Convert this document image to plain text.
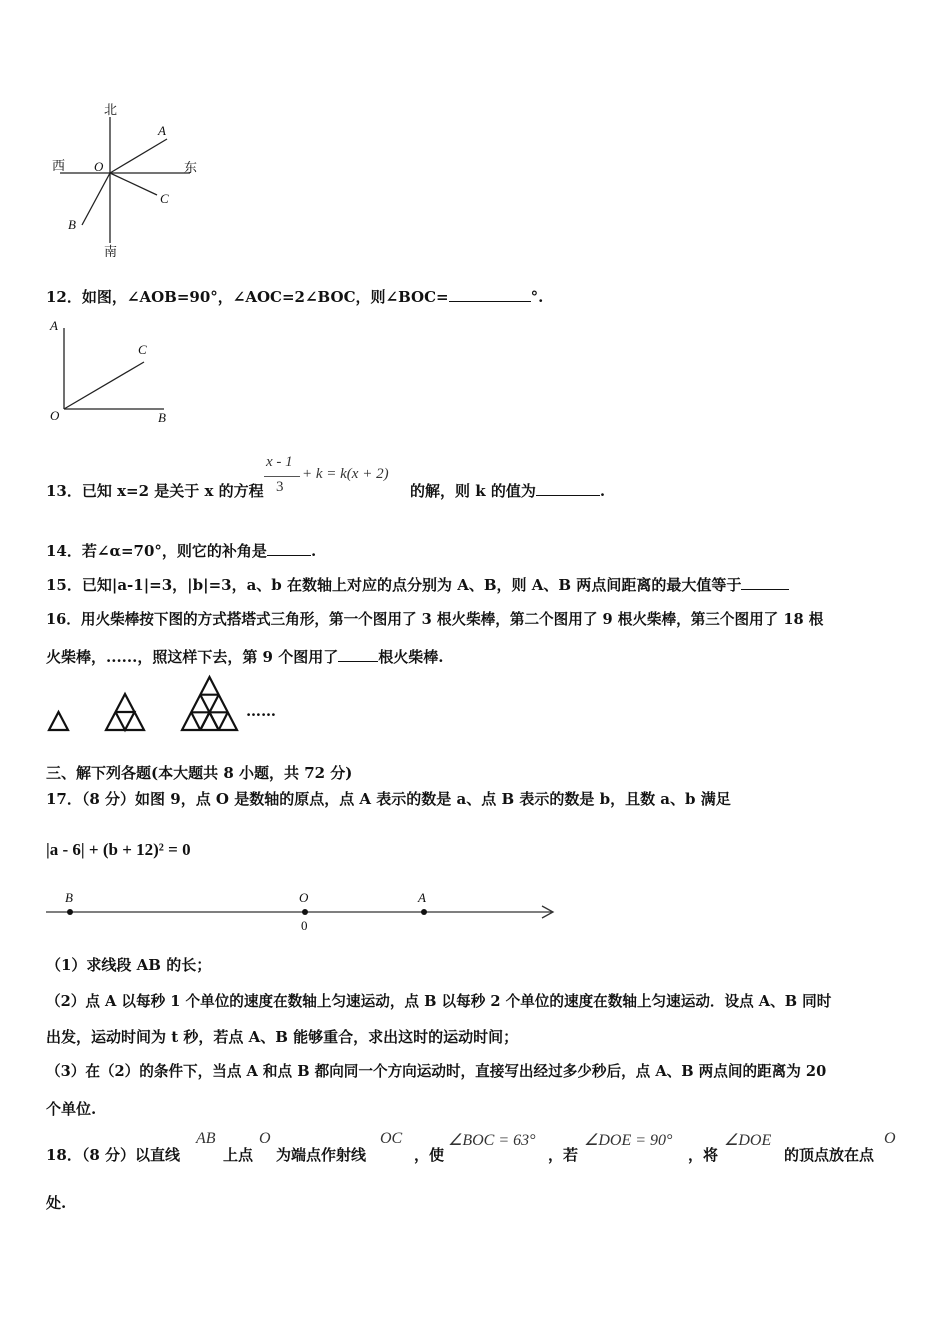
北
南
西	东
O
A
C
B
12．如图，∠AOB=90°，∠AOC=2∠BOC，则∠BOC=	°.
A
C
O	B
13．已知 x=2 是关于 x 的方程
x - 1
3
+ k = k(x + 2)
的解，则 k 的值为	.
14．若∠α=70°，则它的补角是	.
15．已知|a-1|=3，|b|=3，a、b 在数轴上对应的点分别为 A、B，则 A、B 两点间距离的最大值等于
16．用火柴棒按下图的方式搭塔式三角形，第一个图用了 3 根火柴棒，第二个图用了 9 根火柴棒，第三个图用了 18 根
火柴棒，......，照这样下去，第 9 个图用了	根火柴棒.
……
三、解下列各题(本大题共 8 小题，共 72 分)
17．（8 分）如图 9，点 O 是数轴的原点，点 A 表示的数是 a、点 B 表示的数是 b，且数 a、b 满足
|a - 6| + (b + 12)² = 0
B	O	A
0
（1）求线段 AB 的长；
（2）点 A 以每秒 1 个单位的速度在数轴上匀速运动，点 B 以每秒 2 个单位的速度在数轴上匀速运动．设点 A、B 同时
出发，运动时间为 t 秒，若点 A、B 能够重合，求出这时的运动时间；
（3）在（2）的条件下，当点 A 和点 B 都向同一个方向运动时，直接写出经过多少秒后，点 A、B 两点间的距离为 20
个单位.
18．（8 分）以直线
AB
上点
O
为端点作射线
OC
，使
∠BOC = 63°
，若
∠DOE = 90°
，将
∠DOE
的顶点放在点
O
处.
